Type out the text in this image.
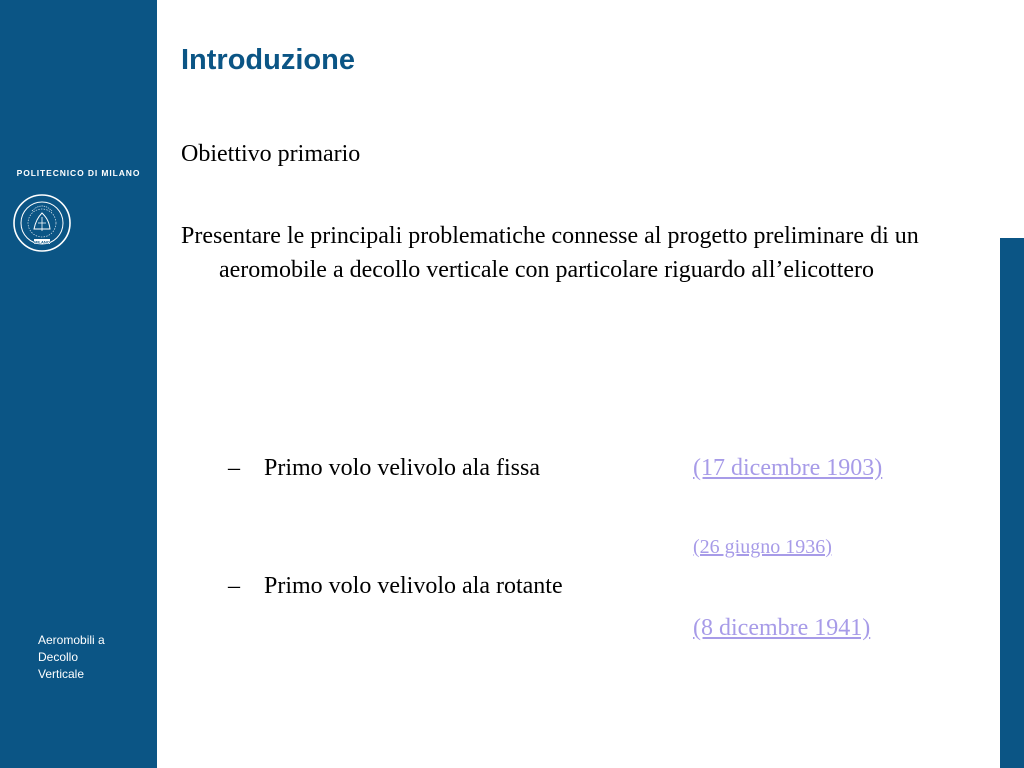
POLITECNICO DI MILANO
MILANO
Aeromobili a
Decollo
Verticale
Introduzione
Obiettivo primario
Presentare le principali problematiche connesse al progetto preliminare di un aeromobile a decollo verticale con particolare riguardo all’elicottero
– Primo volo velivolo ala fissa
– Primo volo velivolo ala rotante
(17 dicembre 1903)
(26 giugno 1936)
(8 dicembre 1941)
